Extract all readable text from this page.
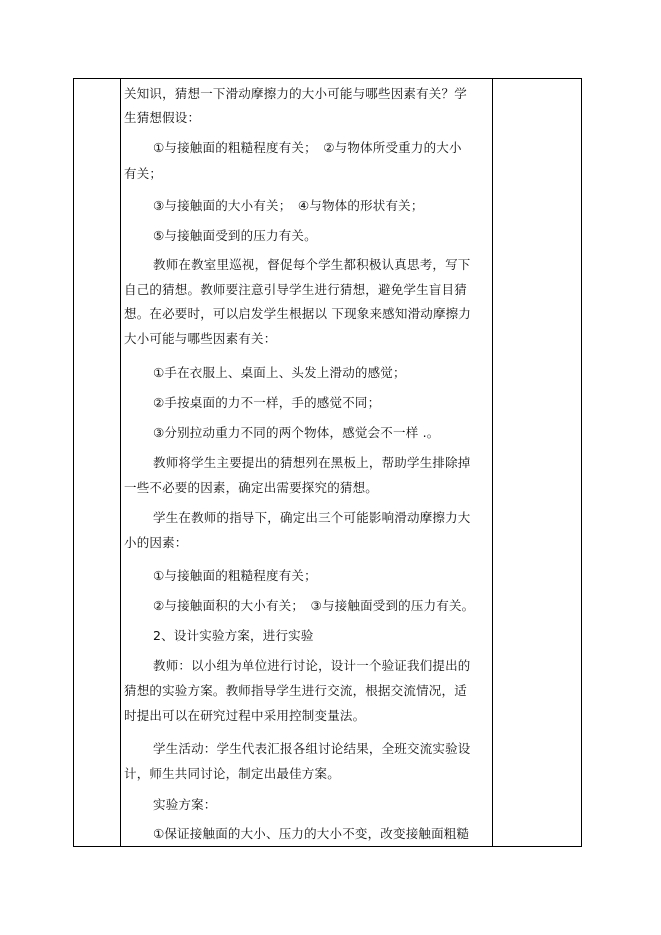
关知识，猜想一下滑动摩擦力的大小可能与哪些因素有关？学
生猜想假设：
①与接触面的粗糙程度有关；　②与物体所受重力的大小
有关；
③与接触面的大小有关；　④与物体的形状有关；
⑤与接触面受到的压力有关。
教师在教室里巡视，督促每个学生都积极认真思考，写下
自己的猜想。教师要注意引导学生进行猜想，避免学生盲目猜
想。在必要时，可以启发学生根据以 下现象来感知滑动摩擦力
大小可能与哪些因素有关：
①手在衣服上、桌面上、头发上滑动的感觉；
②手按桌面的力不一样，手的感觉不同；
③分别拉动重力不同的两个物体，感觉会不一样 .。
教师将学生主要提出的猜想列在黑板上，帮助学生排除掉
一些不必要的因素，确定出需要探究的猜想。
学生在教师的指导下，确定出三个可能影响滑动摩擦力大
小的因素：
①与接触面的粗糙程度有关；
②与接触面积的大小有关；　③与接触面受到的压力有关。
2、设计实验方案，进行实验
教师：以小组为单位进行讨论，设计一个验证我们提出的
猜想的实验方案。教师指导学生进行交流，根据交流情况，适
时提出可以在研究过程中采用控制变量法。
学生活动：学生代表汇报各组讨论结果，全班交流实验设
计，师生共同讨论，制定出最佳方案。
实验方案：
①保证接触面的大小、压力的大小不变，改变接触面粗糙
